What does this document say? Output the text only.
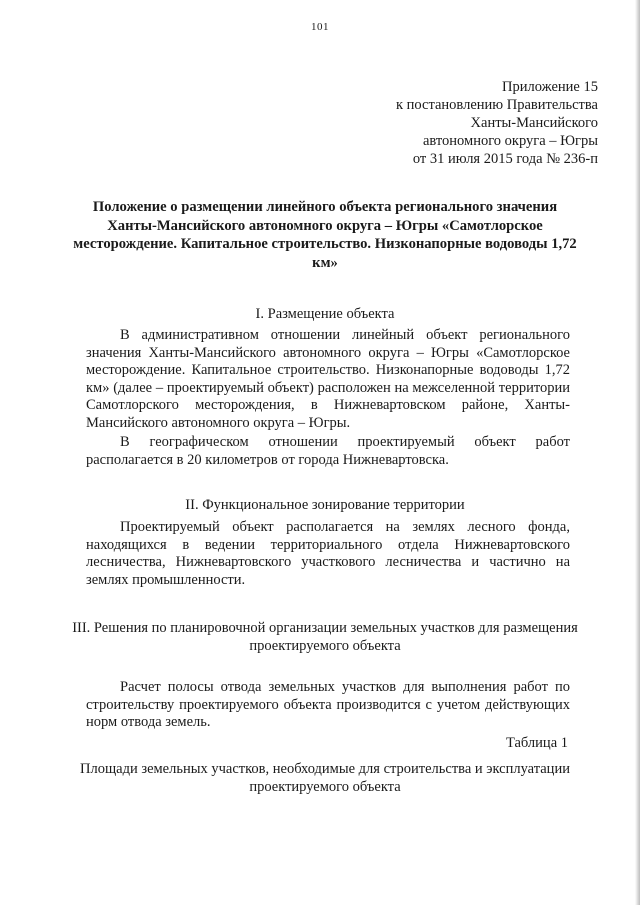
101
Приложение 15
к постановлению Правительства
Ханты-Мансийского
автономного округа – Югры
от 31 июля 2015 года № 236-п
Положение о размещении линейного объекта регионального значения Ханты-Мансийского автономного округа – Югры «Самотлорское месторождение. Капитальное строительство. Низконапорные водоводы 1,72 км»
I. Размещение объекта
В административном отношении линейный объект регионального значения Ханты-Мансийского автономного округа – Югры «Самотлорское месторождение. Капитальное строительство. Низконапорные водоводы 1,72 км» (далее – проектируемый объект) расположен на межселенной территории Самотлорского месторождения, в Нижневартовском районе, Ханты-Мансийского автономного округа – Югры.
В географическом отношении проектируемый объект работ располагается в 20 километров от города Нижневартовска.
II. Функциональное зонирование территории
Проектируемый объект располагается на землях лесного фонда, находящихся в ведении территориального отдела Нижневартовского лесничества, Нижневартовского участкового лесничества и частично на землях промышленности.
III. Решения по планировочной организации земельных участков для размещения проектируемого объекта
Расчет полосы отвода земельных участков для выполнения работ по строительству проектируемого объекта производится с учетом действующих норм отвода земель.
Таблица 1
Площади земельных участков, необходимые для строительства и эксплуатации проектируемого объекта
